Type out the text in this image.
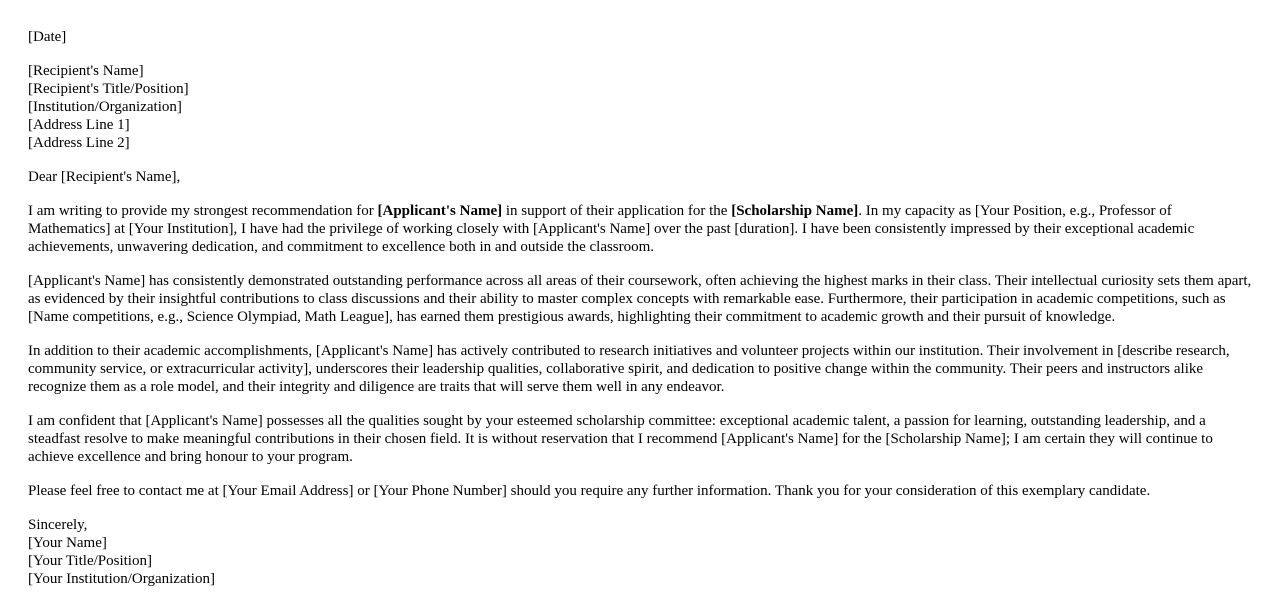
[Date]
[Recipient's Name]
[Recipient's Title/Position]
[Institution/Organization]
[Address Line 1]
[Address Line 2]

Dear [Recipient's Name],

I am writing to provide my strongest recommendation for [Applicant's Name] in support of their application for the [Scholarship Name]. In my capacity as [Your Position, e.g., Professor of Mathematics] at [Your Institution], I have had the privilege of working closely with [Applicant's Name] over the past [duration]. I have been consistently impressed by their exceptional academic achievements, unwavering dedication, and commitment to excellence both in and outside the classroom.

[Applicant's Name] has consistently demonstrated outstanding performance across all areas of their coursework, often achieving the highest marks in their class. Their intellectual curiosity sets them apart, as evidenced by their insightful contributions to class discussions and their ability to master complex concepts with remarkable ease. Furthermore, their participation in academic competitions, such as [Name competitions, e.g., Science Olympiad, Math League], has earned them prestigious awards, highlighting their commitment to academic growth and their pursuit of knowledge.

In addition to their academic accomplishments, [Applicant's Name] has actively contributed to research initiatives and volunteer projects within our institution. Their involvement in [describe research, community service, or extracurricular activity], underscores their leadership qualities, collaborative spirit, and dedication to positive change within the community. Their peers and instructors alike recognize them as a role model, and their integrity and diligence are traits that will serve them well in any endeavor.

I am confident that [Applicant's Name] possesses all the qualities sought by your esteemed scholarship committee: exceptional academic talent, a passion for learning, outstanding leadership, and a steadfast resolve to make meaningful contributions in their chosen field. It is without reservation that I recommend [Applicant's Name] for the [Scholarship Name]; I am certain they will continue to achieve excellence and bring honour to your program.

Please feel free to contact me at [Your Email Address] or [Your Phone Number] should you require any further information. Thank you for your consideration of this exemplary candidate.

Sincerely,
[Your Name]
[Your Title/Position]
[Your Institution/Organization]
